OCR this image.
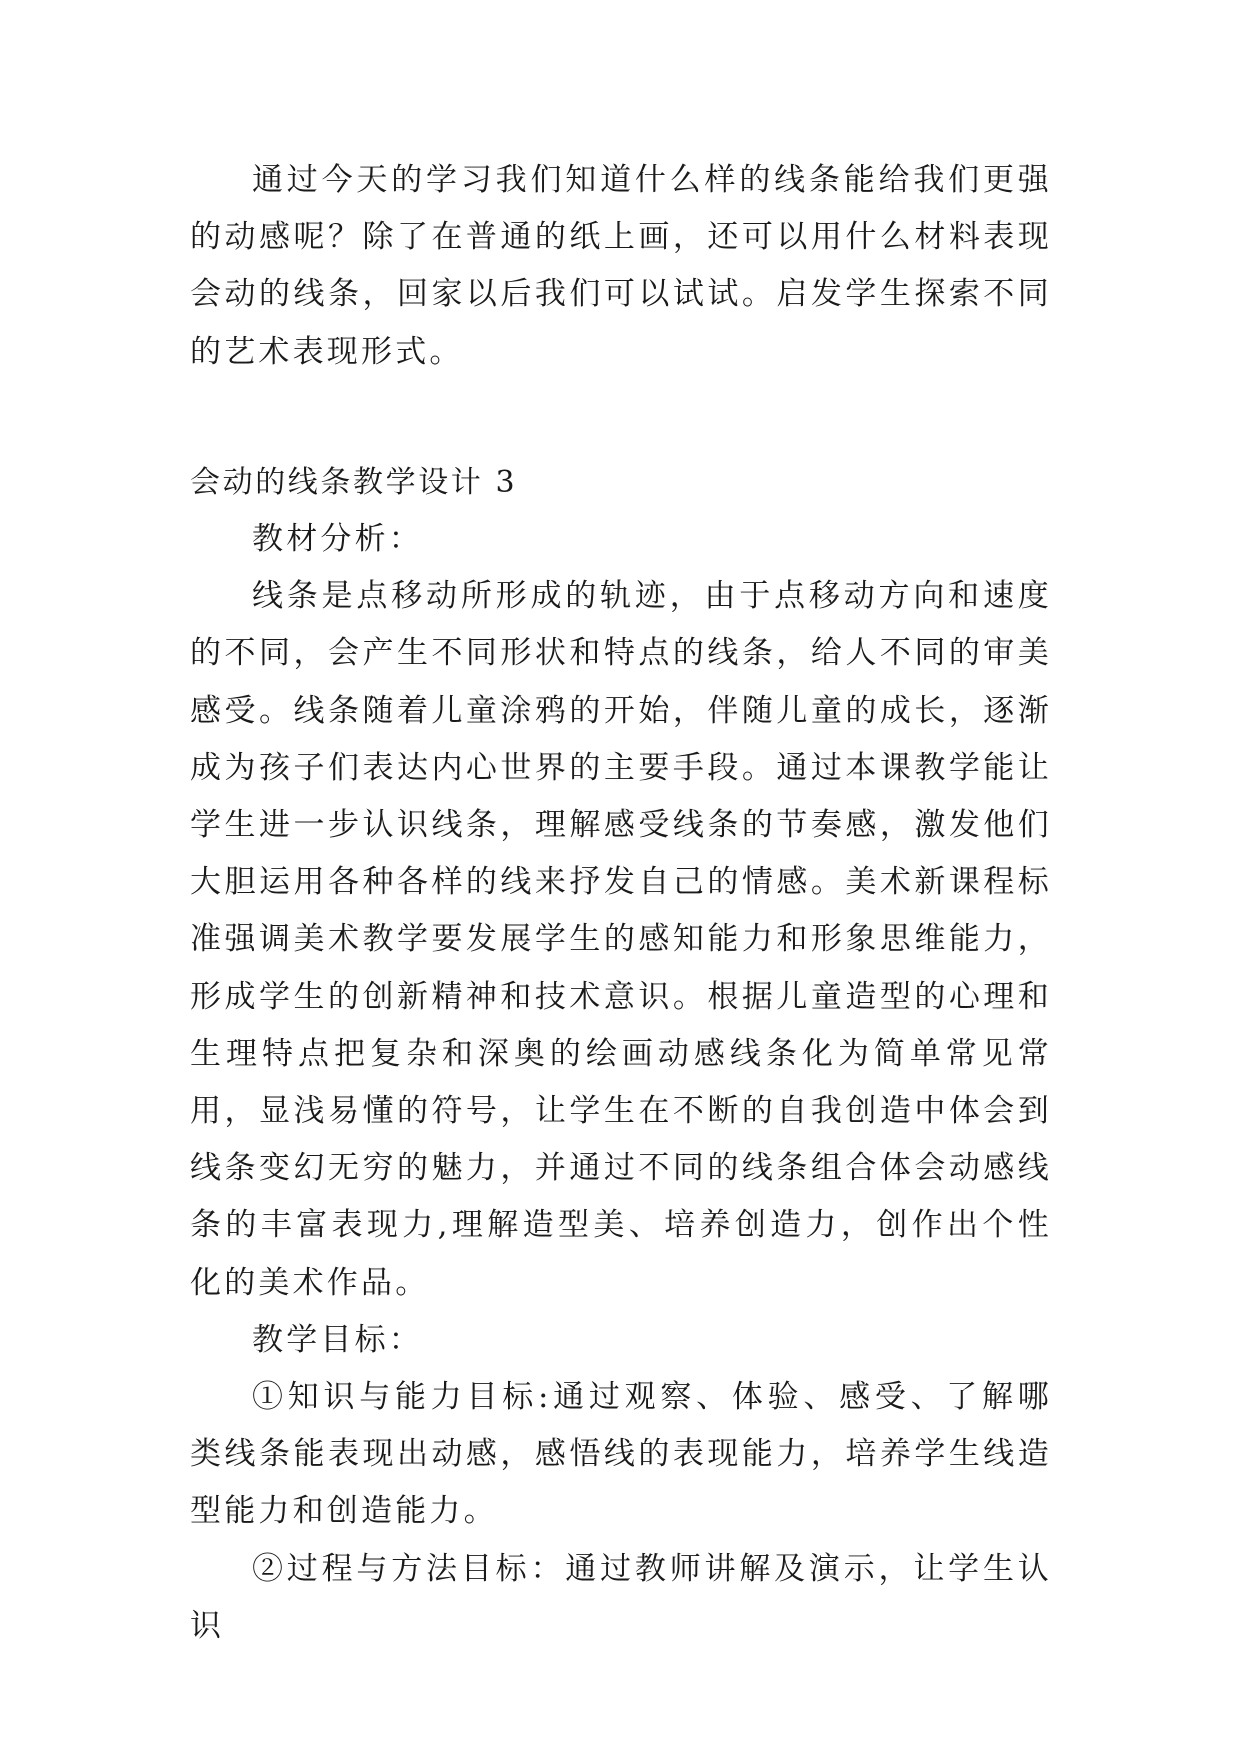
通过今天的学习我们知道什么样的线条能给我们更强的动感呢？除了在普通的纸上画，还可以用什么材料表现会动的线条，回家以后我们可以试试。启发学生探索不同的艺术表现形式。

会动的线条教学设计 3

教材分析：

线条是点移动所形成的轨迹，由于点移动方向和速度的不同，会产生不同形状和特点的线条，给人不同的审美感受。线条随着儿童涂鸦的开始，伴随儿童的成长，逐渐成为孩子们表达内心世界的主要手段。通过本课教学能让学生进一步认识线条，理解感受线条的节奏感，激发他们大胆运用各种各样的线来抒发自己的情感。美术新课程标准强调美术教学要发展学生的感知能力和形象思维能力，形成学生的创新精神和技术意识。根据儿童造型的心理和生理特点把复杂和深奥的绘画动感线条化为简单常见常用，显浅易懂的符号，让学生在不断的自我创造中体会到线条变幻无穷的魅力，并通过不同的线条组合体会动感线条的丰富表现力,理解造型美、培养创造力，创作出个性化的美术作品。

教学目标：

①知识与能力目标:通过观察、体验、感受、了解哪类线条能表现出动感，感悟线的表现能力，培养学生线造型能力和创造能力。

②过程与方法目标：通过教师讲解及演示，让学生认识
